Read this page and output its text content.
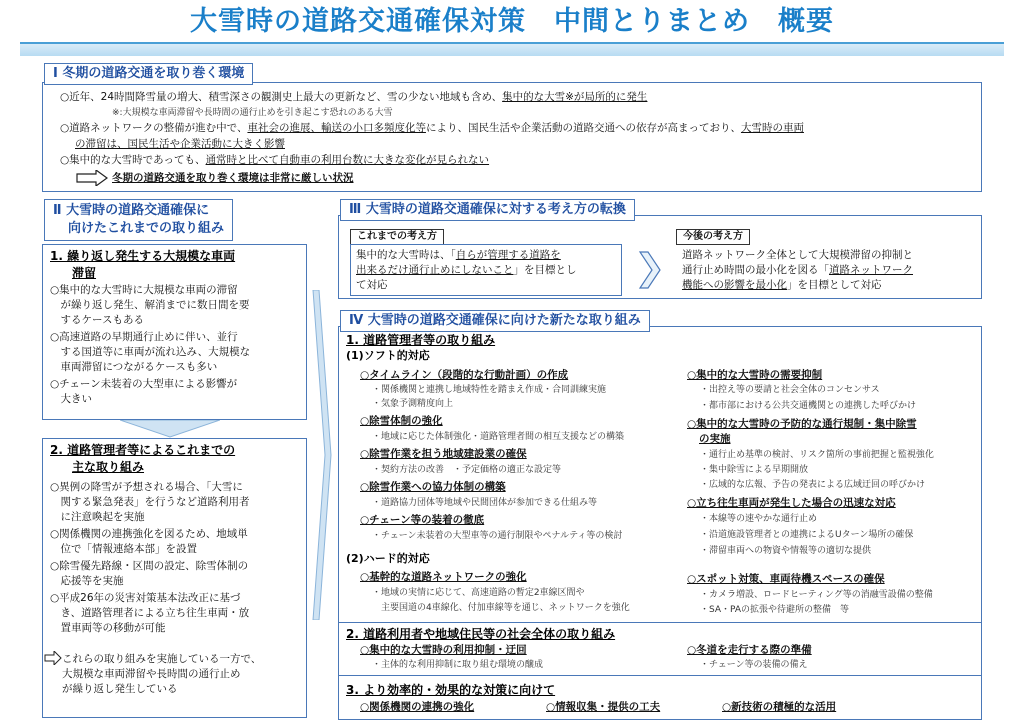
大雪時の道路交通確保対策　中間とりまとめ　概要
Ⅰ 冬期の道路交通を取り巻く環境
○近年、24時間降雪量の増大、積雪深さの観測史上最大の更新など、雪の少ない地域も含め、集中的な大雪※が局所的に発生
※:大規模な車両滞留や長時間の通行止めを引き起こす恐れのある大雪
○道路ネットワークの整備が進む中で、車社会の進展、輸送の小口多頻度化等により、国民生活や企業活動の道路交通への依存が高まっており、大雪時の車両
の滞留は、国民生活や企業活動に大きく影響
○集中的な大雪時であっても、通常時と比べて自動車の利用台数に大きな変化が見られない
冬期の道路交通を取り巻く環境は非常に厳しい状況
Ⅱ 大雪時の道路交通確保に
向けたこれまでの取り組み
1. 繰り返し発生する大規模な車両
滞留
○集中的な大雪時に大規模な車両の滞留
　が繰り返し発生、解消までに数日間を要
　するケースもある
○高速道路の早期通行止めに伴い、並行
　する国道等に車両が流れ込み、大規模な
　車両滞留につながるケースも多い
○チェーン未装着の大型車による影響が
　大きい
2. 道路管理者等によるこれまでの
主な取り組み
○異例の降雪が予想される場合、「大雪に
　関する緊急発表」を行うなど道路利用者
　に注意喚起を実施
○関係機関の連携強化を図るため、地域単
　位で「情報連絡本部」を設置
○除雪優先路線・区間の設定、除雪体制の
　応援等を実施
○平成26年の災害対策基本法改正に基づ
　き、道路管理者による立ち往生車両・放
　置車両等の移動が可能
これらの取り組みを実施している一方で、
大規模な車両滞留や長時間の通行止め
が繰り返し発生している
Ⅲ 大雪時の道路交通確保に対する考え方の転換
これまでの考え方
集中的な大雪時は、「自らが管理する道路を
出来るだけ通行止めにしないこと」を目標とし
て対応
今後の考え方
道路ネットワーク全体として大規模滞留の抑制と
通行止め時間の最小化を図る「道路ネットワーク
機能への影響を最小化」を目標として対応
Ⅳ 大雪時の道路交通確保に向けた新たな取り組み
1. 道路管理者等の取り組み
(1)ソフト的対応
○タイムライン（段階的な行動計画）の作成
・関係機関と連携し地域特性を踏まえ作成・合同訓練実施
・気象予測精度向上
○除雪体制の強化
・地域に応じた体制強化・道路管理者間の相互支援などの構築
○除雪作業を担う地域建設業の確保
・契約方法の改善　・予定価格の適正な設定等
○除雪作業への協力体制の構築
・道路協力団体等地域や民間団体が参加できる仕組み等
○チェーン等の装着の徹底
・チェーン未装着の大型車等の通行制限やペナルティ等の検討
○集中的な大雪時の需要抑制
・出控え等の要請と社会全体のコンセンサス
・都市部における公共交通機関との連携した呼びかけ
○集中的な大雪時の予防的な通行規制・集中除雪
の実施
・通行止め基準の検討、リスク箇所の事前把握と監視強化
・集中除雪による早期開放
・広域的な広報、予告の発表による広域迂回の呼びかけ
○立ち往生車両が発生した場合の迅速な対応
・本線等の速やかな通行止め
・沿道施設管理者との連携によるUターン場所の確保
・滞留車両への物資や情報等の適切な提供
(2)ハード的対応
○基幹的な道路ネットワークの強化
・地域の実情に応じて、高速道路の暫定2車線区間や
　主要国道の4車線化、付加車線等を通じ、ネットワークを強化
○スポット対策、車両待機スペースの確保
・カメラ増設、ロードヒーティング等の消融雪設備の整備
・SA・PAの拡張や待避所の整備　等
2. 道路利用者や地域住民等の社会全体の取り組み
○集中的な大雪時の利用抑制・迂回
・主体的な利用抑制に取り組む環境の醸成
○冬道を走行する際の準備
・チェーン等の装備の備え
3. より効率的・効果的な対策に向けて
○関係機関の連携の強化	○情報収集・提供の工夫	○新技術の積極的な活用
